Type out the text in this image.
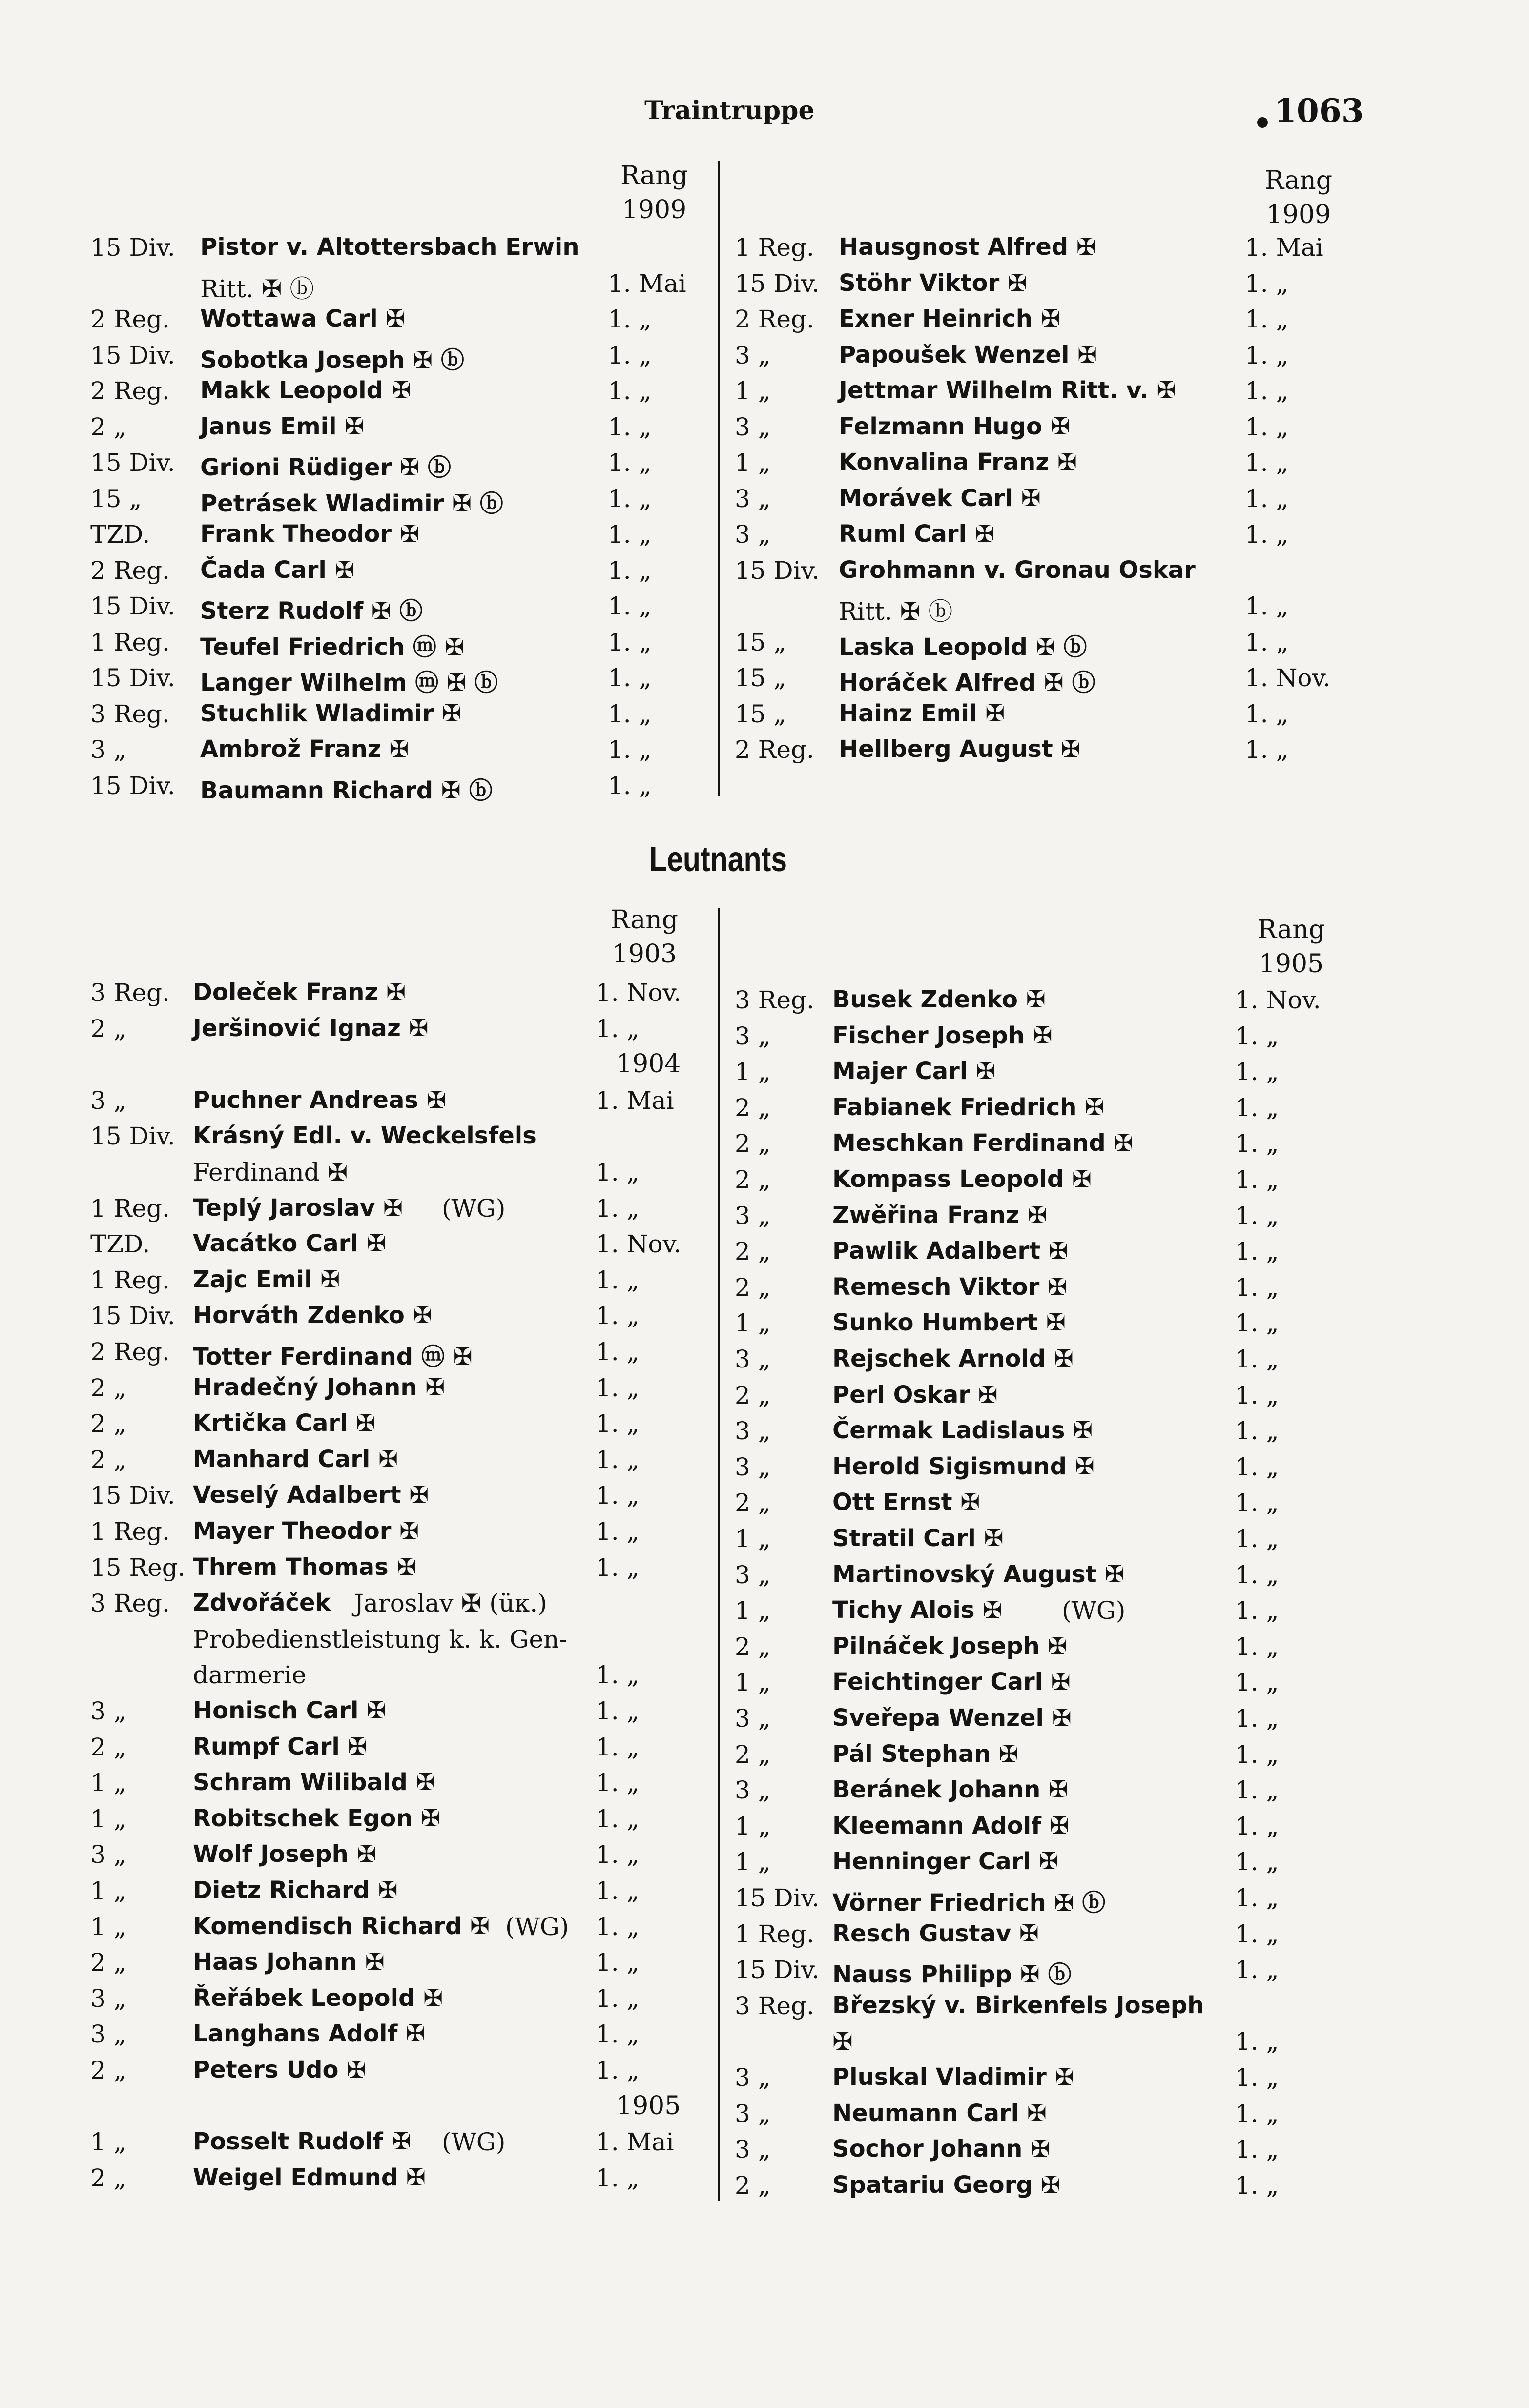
Traintruppe	1063
Rang
1909
Rang
1909
15 Div. Pistor v. Altottersbach Erwin
Ritt. ✠ ⓑ	1. Mai
2 Reg. Wottawa Carl ✠	1. „
15 Div. Sobotka Joseph ✠ ⓑ	1. „
2 Reg. Makk Leopold ✠	1. „
2 „	Janus Emil ✠	1. „
15 Div. Grioni Rüdiger ✠ ⓑ	1. „
15 „ Petrásek Wladimir ✠ ⓑ	1. „
TZD. Frank Theodor ✠	1. „
2 Reg. Čada Carl ✠	1. „
15 Div. Sterz Rudolf ✠ ⓑ	1. „
1 Reg. Teufel Friedrich ⓜ ✠	1. „
15 Div. Langer Wilhelm ⓜ ✠ ⓑ	1. „
3 Reg. Stuchlik Wladimir ✠	1. „
3 „	Ambrož Franz ✠	1. „
15 Div. Baumann Richard ✠ ⓑ	1. „
1 Reg. Hausgnost Alfred ✠	1. Mai
15 Div. Stöhr Viktor ✠	1. „
2 Reg. Exner Heinrich ✠	1. „
3 „	Papoušek Wenzel ✠	1. „
1 „	Jettmar Wilhelm Ritt. v. ✠	1. „
3 „	Felzmann Hugo ✠	1. „
1 „	Konvalina Franz ✠	1. „
3 „	Morávek Carl ✠	1. „
3 „	Ruml Carl ✠	1. „
15 Div. Grohmann v. Gronau Oskar
Ritt. ✠ ⓑ	1. „
15 „ Laska Leopold ✠ ⓑ	1. „
15 „ Horáček Alfred ✠ ⓑ	1. Nov.
15 „ Hainz Emil ✠	1. „
2 Reg. Hellberg August ✠	1. „
Leutnants
Rang
1903
Rang
1905
1904
1905
3 Reg. Doleček Franz ✠	1. Nov.
2 „	Jeršinović Ignaz ✠	1. „
3 „	Puchner Andreas ✠	1. Mai
15 Div. Krásný Edl. v. Weckelsfels
Ferdinand ✠	1. „
1 Reg. Teplý Jaroslav ✠ (WG)	1. „
TZD. Vacátko Carl ✠	1. Nov.
1 Reg. Zajc Emil ✠	1. „
15 Div. Horváth Zdenko ✠	1. „
2 Reg. Totter Ferdinand ⓜ ✠	1. „
2 „	Hradečný Johann ✠	1. „
2 „	Krtička Carl ✠	1. „
2 „	Manhard Carl ✠	1. „
15 Div. Veselý Adalbert ✠	1. „
1 Reg. Mayer Theodor ✠	1. „
15 Reg. Threm Thomas ✠	1. „
3 Reg. Zdvořáček Jaroslav ✠ (üк.)
Probedienstleistung k. k. Gen-
darmerie	1. „
3 „	Honisch Carl ✠	1. „
2 „	Rumpf Carl ✠	1. „
1 „	Schram Wilibald ✠	1. „
1 „	Robitschek Egon ✠	1. „
3 „	Wolf Joseph ✠	1. „
1 „	Dietz Richard ✠	1. „
1 „	Komendisch Richard ✠ (WG) 1. „
2 „	Haas Johann ✠	1. „
3 „	Řeřábek Leopold ✠	1. „
3 „	Langhans Adolf ✠	1. „
2 „	Peters Udo ✠	1. „
1 „	Posselt Rudolf ✠ (WG)	1. Mai
2 „	Weigel Edmund ✠	1. „
3 Reg. Busek Zdenko ✠	1. Nov.
3 „	Fischer Joseph ✠	1. „
1 „	Majer Carl ✠	1. „
2 „	Fabianek Friedrich ✠	1. „
2 „	Meschkan Ferdinand ✠	1. „
2 „	Kompass Leopold ✠	1. „
3 „	Zwěřina Franz ✠	1. „
2 „	Pawlik Adalbert ✠	1. „
2 „	Remesch Viktor ✠	1. „
1 „	Sunko Humbert ✠	1. „
3 „	Rejschek Arnold ✠	1. „
2 „	Perl Oskar ✠	1. „
3 „	Čermak Ladislaus ✠	1. „
3 „	Herold Sigismund ✠	1. „
2 „	Ott Ernst ✠	1. „
1 „	Stratil Carl ✠	1. „
3 „	Martinovský August ✠	1. „
1 „	Tichy Alois ✠ (WG)	1. „
2 „	Pilnáček Joseph ✠	1. „
1 „	Feichtinger Carl ✠	1. „
3 „	Sveřepa Wenzel ✠	1. „
2 „	Pál Stephan ✠	1. „
3 „	Beránek Johann ✠	1. „
1 „	Kleemann Adolf ✠	1. „
1 „	Henninger Carl ✠	1. „
15 Div. Vörner Friedrich ✠ ⓑ	1. „
1 Reg. Resch Gustav ✠	1. „
15 Div. Nauss Philipp ✠ ⓑ	1. „
3 Reg. Březský v. Birkenfels Joseph
✠	1. „
3 „	Pluskal Vladimir ✠	1. „
3 „	Neumann Carl ✠	1. „
3 „	Sochor Johann ✠	1. „
2 „	Spatariu Georg ✠	1. „
